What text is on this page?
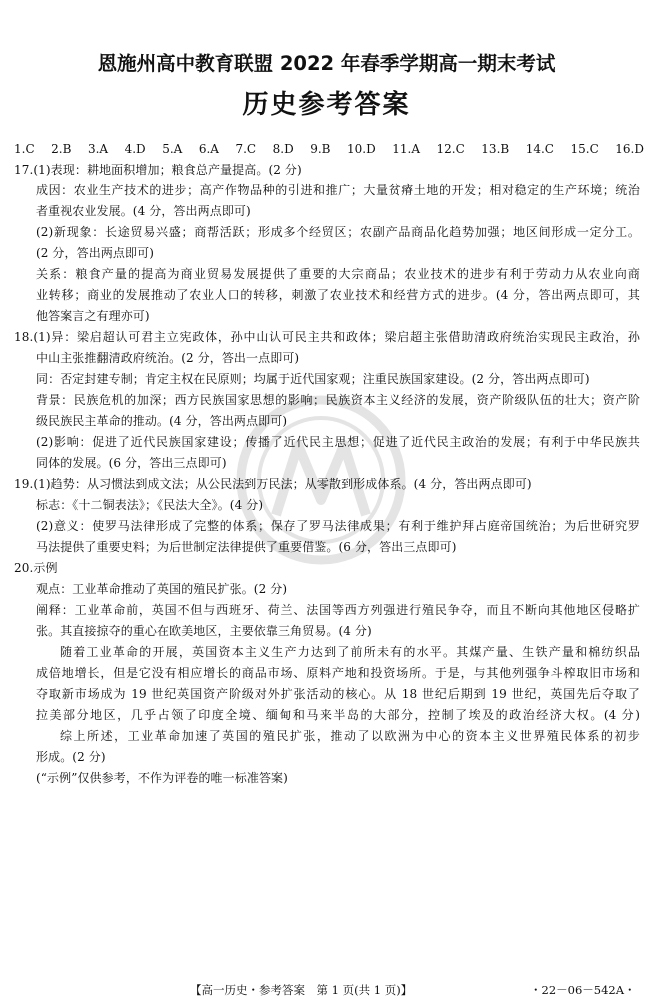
恩施州高中教育联盟 2022 年春季学期高一期末考试
历史参考答案
1.C 2.B 3.A 4.D 5.A 6.A 7.C 8.D 9.B 10.D 11.A 12.C 13.B 14.C 15.C 16.D
17.(1)表现：耕地面积增加；粮食总产量提高。(2 分)
成因：农业生产技术的进步；高产作物品种的引进和推广；大量贫瘠土地的开发；相对稳定的生产环境；统治
者重视农业发展。(4 分，答出两点即可)
(2)新现象：长途贸易兴盛；商帮活跃；形成多个经贸区；农副产品商品化趋势加强；地区间形成一定分工。
(2 分，答出两点即可)
关系：粮食产量的提高为商业贸易发展提供了重要的大宗商品；农业技术的进步有利于劳动力从农业向商
业转移；商业的发展推动了农业人口的转移，刺激了农业技术和经营方式的进步。(4 分，答出两点即可，其
他答案言之有理亦可)
18.(1)异：梁启超认可君主立宪政体，孙中山认可民主共和政体；梁启超主张借助清政府统治实现民主政治，孙
中山主张推翻清政府统治。(2 分，答出一点即可)
同：否定封建专制；肯定主权在民原则；均属于近代国家观；注重民族国家建设。(2 分，答出两点即可)
背景：民族危机的加深；西方民族国家思想的影响；民族资本主义经济的发展，资产阶级队伍的壮大；资产阶
级民族民主革命的推动。(4 分，答出两点即可)
(2)影响：促进了近代民族国家建设；传播了近代民主思想；促进了近代民主政治的发展；有利于中华民族共
同体的发展。(6 分，答出三点即可)
19.(1)趋势：从习惯法到成文法；从公民法到万民法；从零散到形成体系。(4 分，答出两点即可)
标志：《十二铜表法》；《民法大全》。(4 分)
(2)意义：使罗马法律形成了完整的体系；保存了罗马法律成果；有利于维护拜占庭帝国统治；为后世研究罗
马法提供了重要史料；为后世制定法律提供了重要借鉴。(6 分，答出三点即可)
20.示例
观点：工业革命推动了英国的殖民扩张。(2 分)
阐释：工业革命前，英国不但与西班牙、荷兰、法国等西方列强进行殖民争夺，而且不断向其他地区侵略扩
张。其直接掠夺的重心在欧美地区，主要依靠三角贸易。(4 分)
随着工业革命的开展，英国资本主义生产力达到了前所未有的水平。其煤产量、生铁产量和棉纺织品
成倍地增长，但是它没有相应增长的商品市场、原料产地和投资场所。于是，与其他列强争斗榨取旧市场和
夺取新市场成为 19 世纪英国资产阶级对外扩张活动的核心。从 18 世纪后期到 19 世纪，英国先后夺取了
拉美部分地区，几乎占领了印度全境、缅甸和马来半岛的大部分，控制了埃及的政治经济大权。(4 分)
综上所述，工业革命加速了英国的殖民扩张，推动了以欧洲为中心的资本主义世界殖民体系的初步
形成。(2 分)
(“示例”仅供参考，不作为评卷的唯一标准答案)
【高一历史・参考答案　第 1 页(共 1 页)】	・22－06－542A・
